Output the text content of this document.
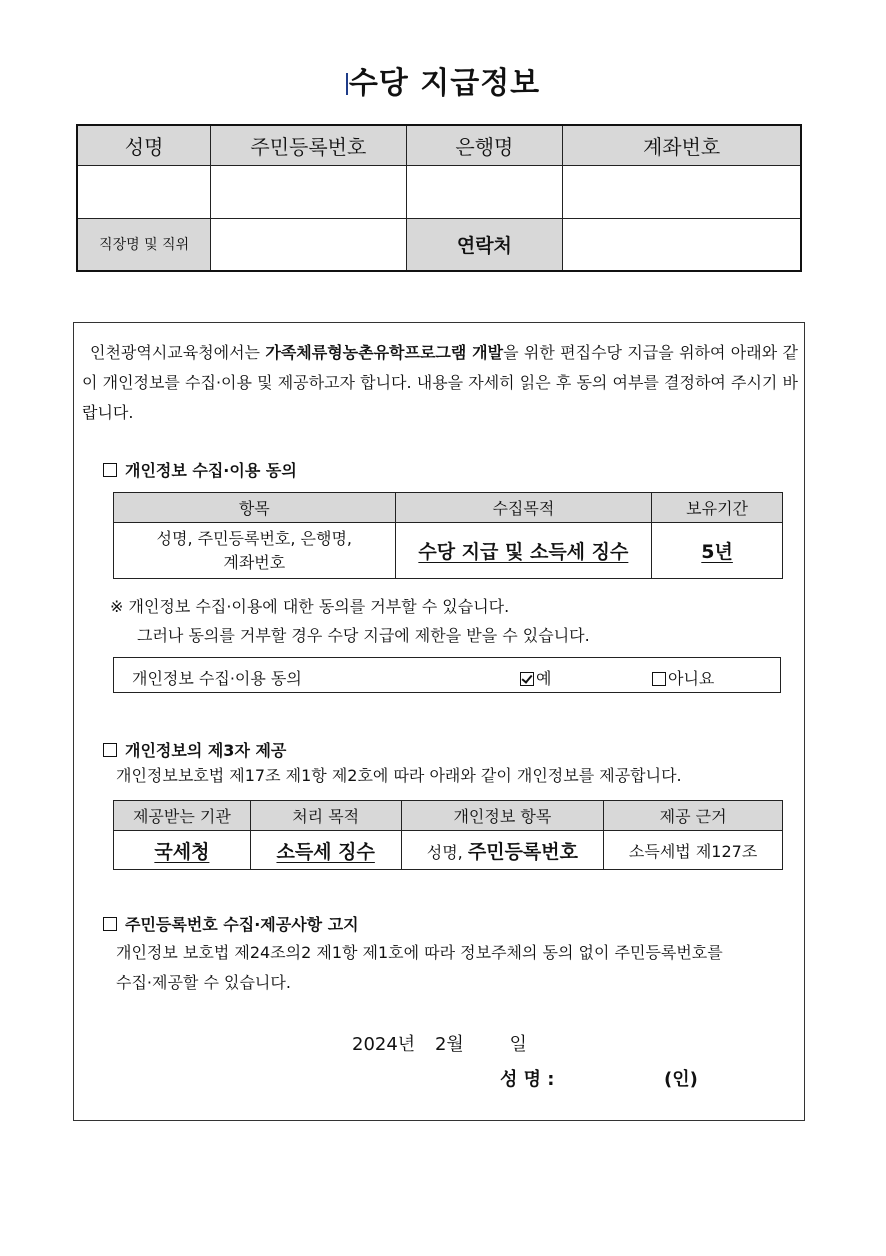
수당 지급정보
성명	주민등록번호	은행명	계좌번호

직장명 및 직위		연락처	

인천광역시교육청에서는 가족체류형농촌유학프로그램 개발을 위한 편집수당 지급을 위하여 아래와 같이 개인정보를 수집·이용 및 제공하고자 합니다. 내용을 자세히 읽은 후 동의 여부를 결정하여 주시기 바랍니다.

개인정보 수집·이용 동의
항목	수집목적	보유기간
성명, 주민등록번호, 은행명,
계좌번호	수당 지급 및 소득세 징수	5년
※ 개인정보 수집·이용에 대한 동의를 거부할 수 있습니다.
그러나 동의를 거부할 경우 수당 지급에 제한을 받을 수 있습니다.
개인정보 수집·이용 동의	예	아니요
개인정보의 제3자 제공
개인정보보호법 제17조 제1항 제2호에 따라 아래와 같이 개인정보를 제공합니다.
제공받는 기관	처리 목적	개인정보 항목	제공 근거
국세청	소득세 징수	성명, 주민등록번호	소득세법 제127조
주민등록번호 수집·제공사항 고지
개인정보 보호법 제24조의2 제1항 제1호에 따라 정보주체의 동의 없이 주민등록번호를
수집·제공할 수 있습니다.
2024년 2월	일
성 명 :	(인)
